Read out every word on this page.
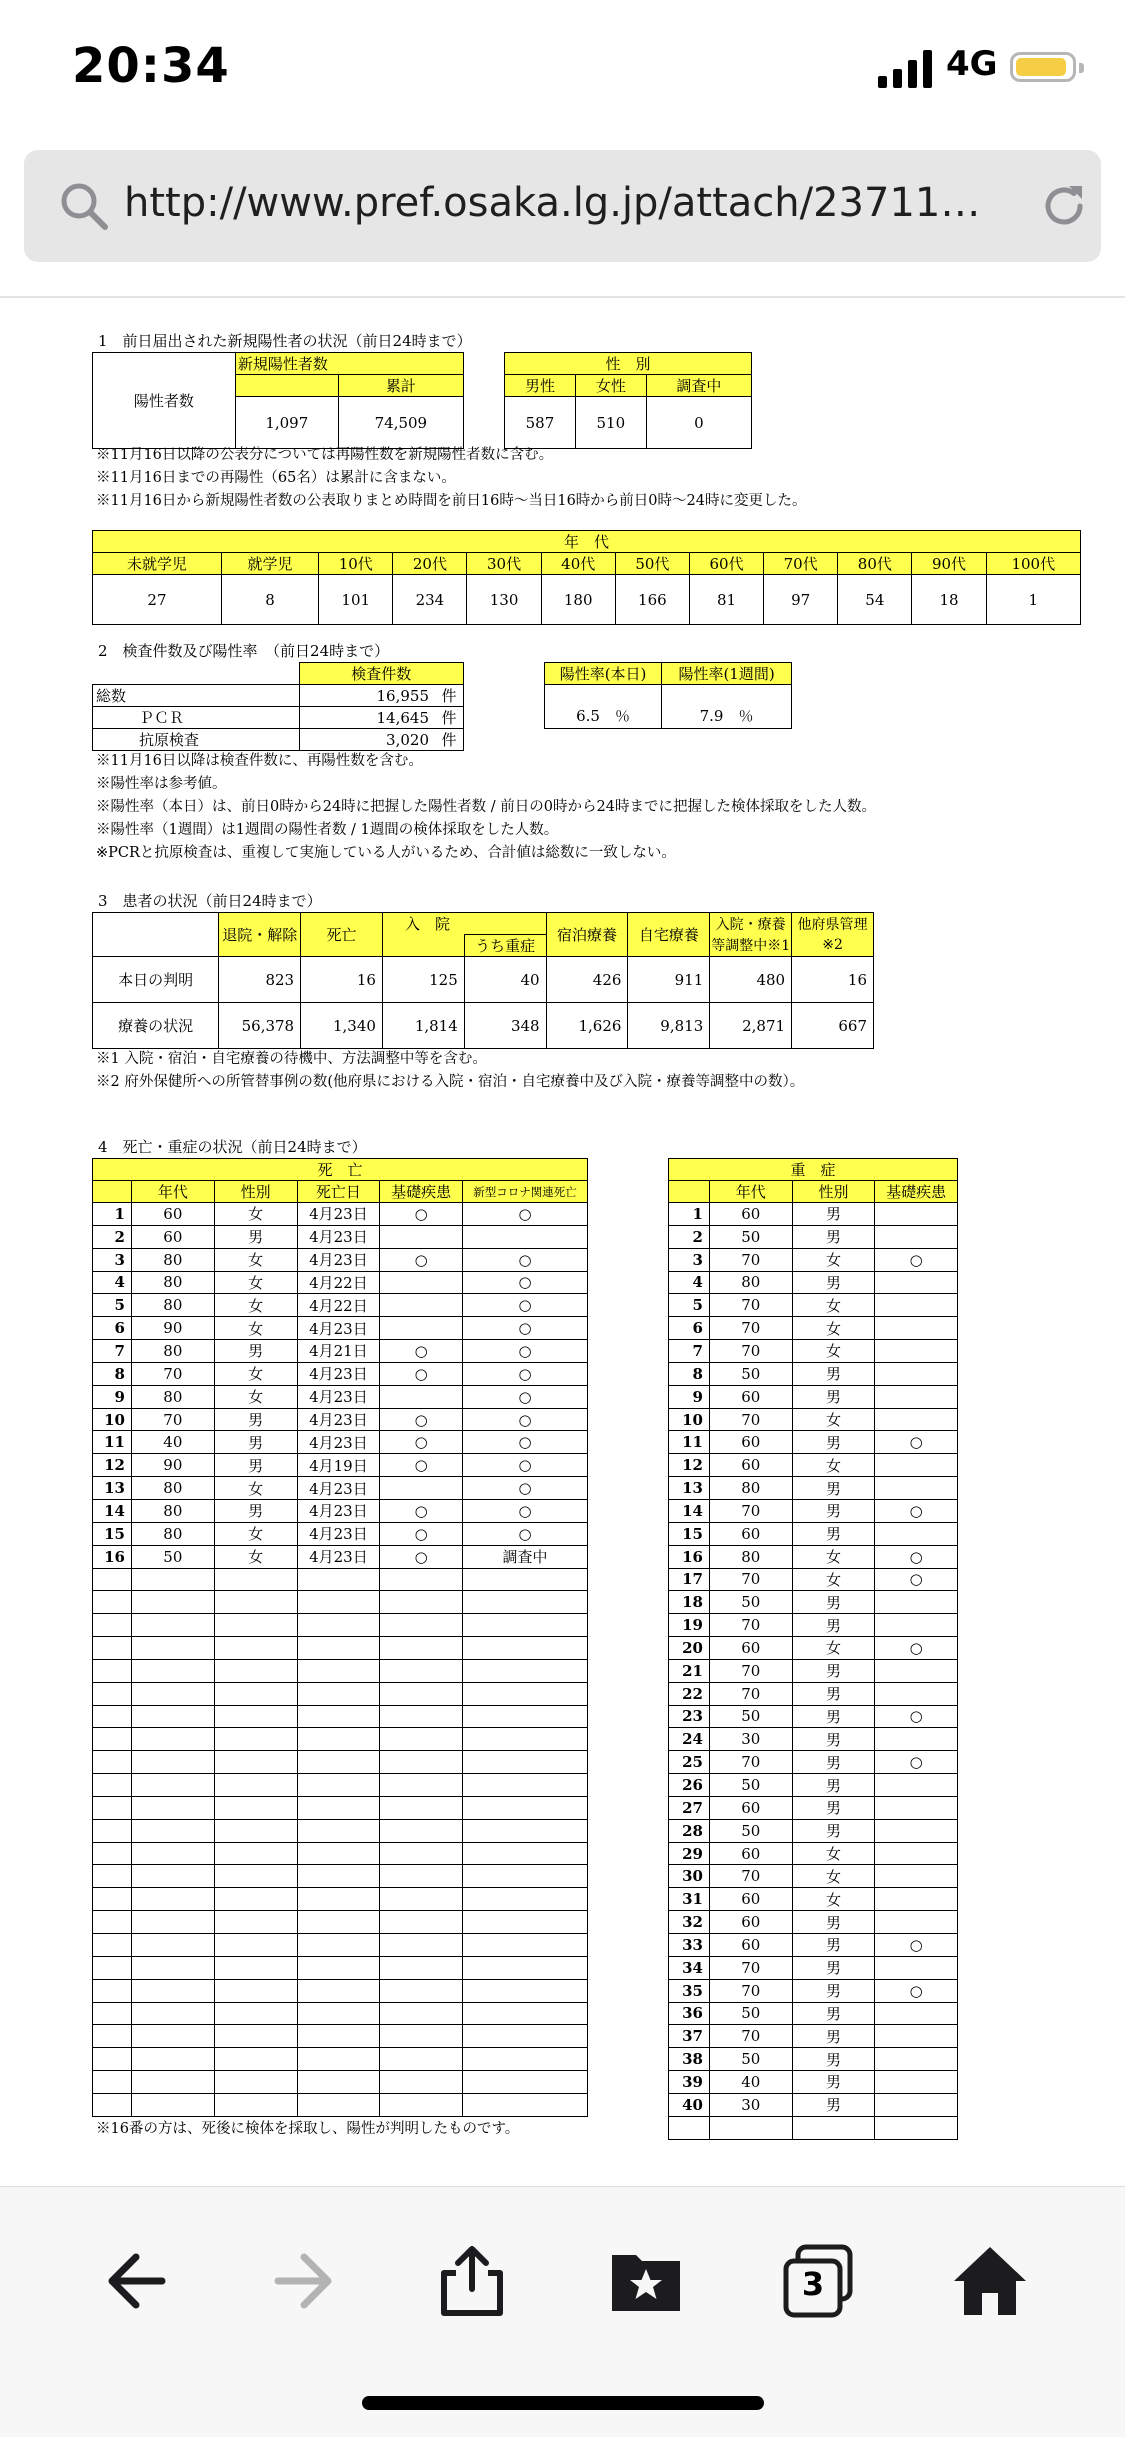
20:34	4G
http://www.pref.osaka.lg.jp/attach/23711…
1　前日届出された新規陽性者の状況（前日24時まで）
陽性者数	新規陽性者数	
		累計
	1,097	74,509
性　別		
男性	女性	調査中
587	510	0
※11月16日以降の公表分については再陽性数を新規陽性者数に含む。
※11月16日までの再陽性（65名）は累計に含まない。
※11月16日から新規陽性者数の公表取りまとめ時間を前日16時～当日16時から前日0時～24時に変更した。
年　代											
未就学児	就学児	10代	20代	30代	40代	50代	60代	70代	80代	90代	100代
27	8	101	234	130	180	166	81	97	54	18	1
2　検査件数及び陽性率　（前日24時まで）
	検査件数	
総数	16,955	件
ＰＣＲ	14,645	件
抗原検査	3,020	件
陽性率(本日)	陽性率(1週間)
6.5　 ％	7.9　 ％
※11月16日以降は検査件数に、再陽性数を含む。
※陽性率は参考値。
※陽性率（本日）は、前日0時から24時に把握した陽性者数 / 前日の0時から24時までに把握した検体採取をした人数。
※陽性率（1週間）は1週間の陽性者数 / 1週間の検体採取をした人数。
※PCRと抗原検査は、重複して実施している人がいるため、合計値は総数に一致しない。
3　患者の状況（前日24時まで）
	退院・解除	死亡	入　院		宿泊療養	自宅療養	入院・療養	他府県管理
				うち重症			等調整中※1	※2
本日の判明	823	16	125	40	426	911	480	16
療養の状況	56,378	1,340	1,814	348	1,626	9,813	2,871	667
※1 入院・宿泊・自宅療養の待機中、方法調整中等を含む。
※2 府外保健所への所管替事例の数(他府県における入院・宿泊・自宅療養中及び入院・療養等調整中の数）。
4　死亡・重症の状況（前日24時まで）
死　亡					
	年代	性別	死亡日	基礎疾患	新型コロナ関連死亡
1	60	女	4月23日	○	○
2	60	男	4月23日		
3	80	女	4月23日	○	○
4	80	女	4月22日		○
5	80	女	4月22日		○
6	90	女	4月23日		○
7	80	男	4月21日	○	○
8	70	女	4月23日	○	○
9	80	女	4月23日		○
10	70	男	4月23日	○	○
11	40	男	4月23日	○	○
12	90	男	4月19日	○	○
13	80	女	4月23日		○
14	80	男	4月23日	○	○
15	80	女	4月23日	○	○
16	50	女	4月23日	○	調査中

※16番の方は、死後に検体を採取し、陽性が判明したものです。
重　症			
	年代	性別	基礎疾患
1	60	男	
2	50	男	
3	70	女	○
4	80	男	
5	70	女	
6	70	女	
7	70	女	
8	50	男	
9	60	男	
10	70	女	
11	60	男	○
12	60	女	
13	80	男	
14	70	男	○
15	60	男	
16	80	女	○
17	70	女	○
18	50	男	
19	70	男	
20	60	女	○
21	70	男	
22	70	男	
23	50	男	○
24	30	男	
25	70	男	○
26	50	男	
27	60	男	
28	50	男	
29	60	女	
30	70	女	
31	60	女	
32	60	男	
33	60	男	○
34	70	男	
35	70	男	○
36	50	男	
37	70	男	
38	50	男	
39	40	男	
40	30	男	

3
